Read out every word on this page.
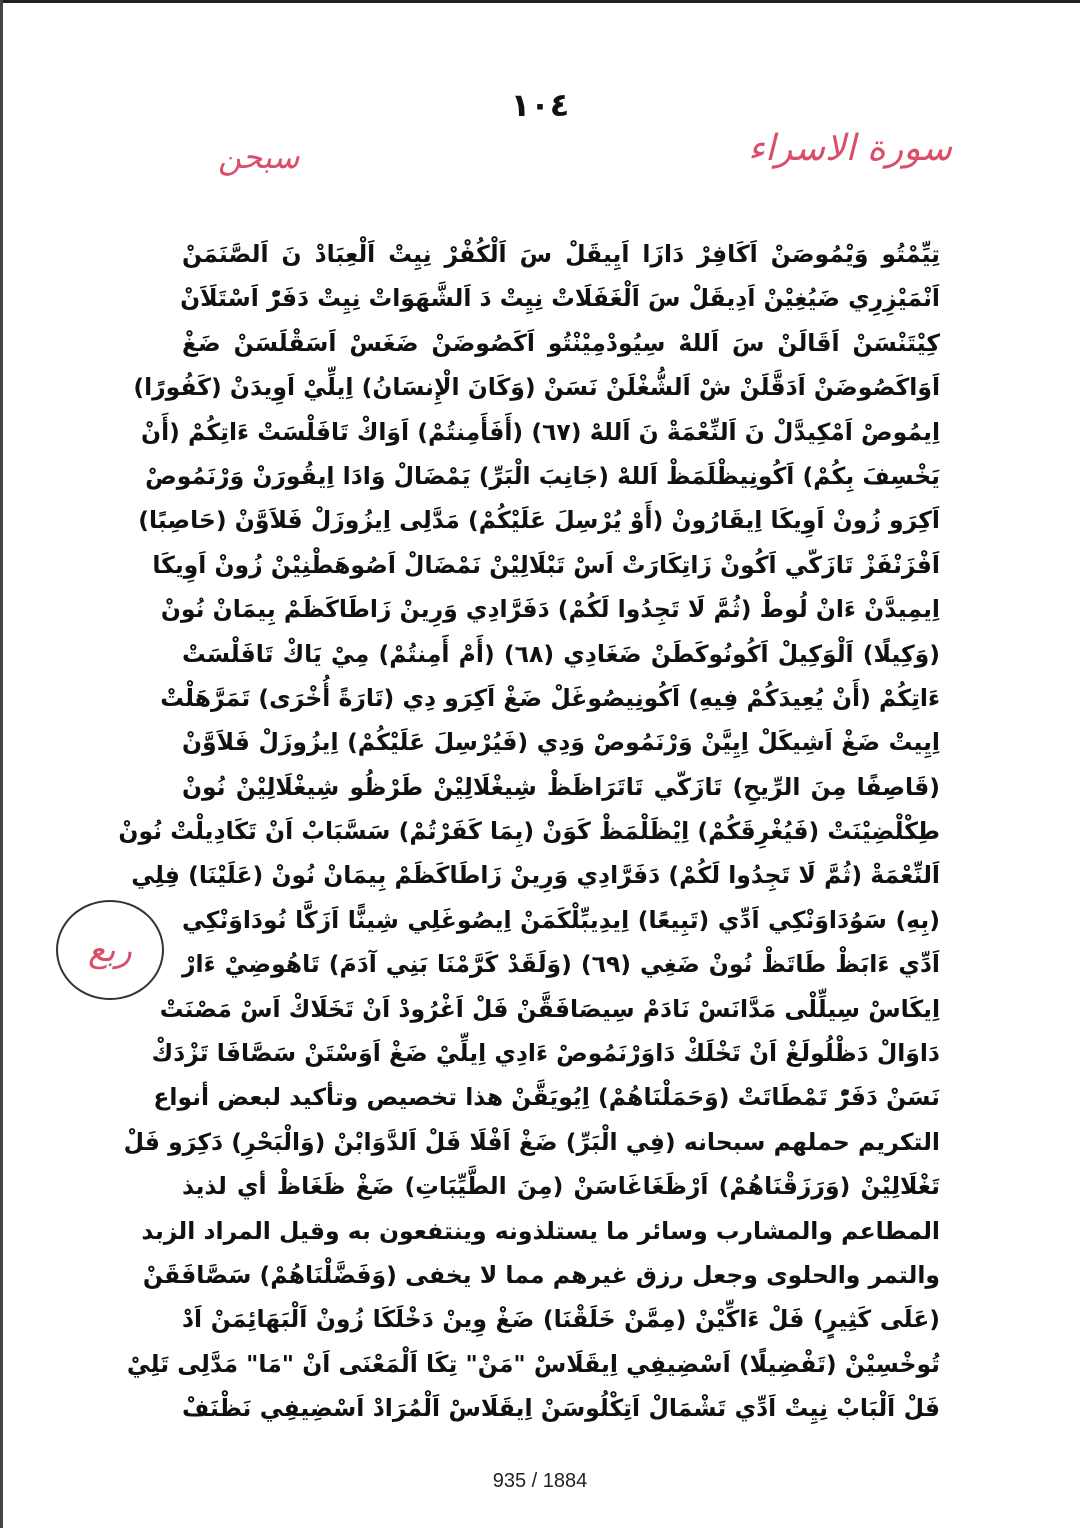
١٠٤
سورة الاسراء
سبحن
ربع
تِيِّمْتُو وَيْمُوصَنْ اَكَافِرْ دَازَا اَيِيقَلْ سَ اَلْكُفْرْ نِيِتْ اَلْعِبَادْ نَ اَلصَّنَمَنْ
اَنْمَيْزِرِي ضَيُغِيْنْ اَدِيقَلْ سَ اَلْغَفَلَاتْ نِيِتْ دَ اَلشَّهَوَاتْ نِيِتْ دَفَرّْ اَسْتَلَاَنْ
كِيْتَنْسَنْ اَقَالَنْ سَ اَللهْ سِيُودْمِيْنْتُو اَكَصُوضَنْ ضَغَسْ اَسَقْلَسَنْ ضَغْ
اَوَاكَصُوضَنْ اَدَقَّلَنْ شْ اَلشُّغْلَنْ نَسَنْ (وَكَانَ الْإِنسَانُ) اِيلِّيْ اَوِيدَنْ (كَفُورًا)
اِيمُوصْ اَمْكِيدَّلْ نَ اَلنِّعْمَةْ نَ اَللهْ (٦٧) (أَفَأَمِنتُمْ) اَوَاكْ تَافَلْسَتْ ءَاتِكُمْ (أَنْ
يَخْسِفَ بِكُمْ) اَكُونِيظْلَمَظْ اَللهْ (جَانِبَ الْبَرِّ) يَمْضَالْ وَادَا اِيقُورَنْ وَرْنَمُوصْ
اَكِرَو زُونْ اَوِيكَا اِيقَارُونْ (أَوْ يُرْسِلَ عَلَيْكُمْ) مَدَّلِى اِيزُوزَلْ فَلاَوَّنْ (حَاصِبًا)
اَفْزَنْفَزْ تَازَكّي اَكُونْ زَاتِكَارَتْ اَسْ تَبْلَالِيْنْ نَمْضَالْ اَصُوهَطْنِيْنْ زُونْ اَوِيكَا
اِيمِيدَّنْ ءَانْ لُوطْ (ثُمَّ لَا تَجِدُوا لَكُمْ) دَفَرَّادِي وَرِينْ زَاطَاكَظَمْ بِيمَانْ نُونْ
(وَكِيلًا) اَلْوَكِيلْ اَكُونُوكَطَنْ ضَغَادِي (٦٨) (أَمْ أَمِنتُمْ) مِيْ يَاكْ تَافَلْسَتْ
ءَاتِكُمْ (أَنْ يُعِيدَكُمْ فِيهِ) اَكُونِيصُوغَلْ ضَغْ اَكِرَو دِي (تَارَةً أُخْرَى) تَمَرَّهَلْتْ
اِيِيتْ ضَغْ اَشِيكَلْ اِيِيَّنْ وَرْنَمُوصْ وَدِي (فَيُرْسِلَ عَلَيْكُمْ) اِيزُوزَلْ فَلاَوَّنْ
(قَاصِفًا مِنَ الرِّيحِ) تَازَكّي تَاتَرَاظَظْ شِيغْلَالِيْنْ طَرْظُو شِيغْلَالِيْنْ نُونْ
طِكْلْضِيْنَتْ (فَيُغْرِقَكُمْ) اِيْظَلْمَظْ كَوَنْ (بِمَا كَفَرْتُمْ) سَسَّبَابْ اَنْ تَكَادِيلْتْ نُونْ
اَلنِّعْمَةْ (ثُمَّ لَا تَجِدُوا لَكُمْ) دَفَرَّادِي وَرِينْ زَاطَاكَظَمْ بِيمَانْ نُونْ (عَلَيْنَا) فِلِي
(بِهِ) سَوُدَاوَنْكِي اَدِّي (تَبِيعًا) اِيدِيبِّلْكَمَنْ اِيصُوغَلِي شِينًّا اَزَكَّا نُودَاوَنْكِي
اَدِّي ءَابَظْ طَاتَظْ نُونْ ضَغِي (٦٩) (وَلَقَدْ كَرَّمْنَا بَنِي آدَمَ) تَاهُوضِيْ ءَارْ
اِيكَاسْ سِيلِّلْى مَدَّانَسْ نَادَمْ سِيصَافَقَّنْ فَلْ اَغْرُودْ اَنْ تَخَلَاكْ اَسْ مَصْنَتْ
دَاوَالْ دَظْلُولَغْ اَنْ تَخْلَكْ دَاوَرْنَمُوصْ ءَادِي اِيلِّيْ ضَغْ اَوَسْتَنْ سَصَّافَا تَزْدَكْ
نَسَنْ دَفَرّْ تَمْطَاتَتْ (وَحَمَلْنَاهُمْ) اِيُويَقَّنْ هذا تخصيص وتأكيد لبعض أنواع
التكريم حملهم سبحانه (فِي الْبَرِّ) ضَغْ اَفْلَا فَلْ اَلدَّوَابْنْ (وَالْبَحْرِ) دَكِرَو فَلْ
تَغْلَالِيْنْ (وَرَزَقْنَاهُمْ) اَرْظَغَاغَاسَنْ (مِنَ الطَّيِّبَاتِ) ضَغْ ظَغَاظْ أي لذيذ
المطاعم والمشارب وسائر ما يستلذونه وينتفعون به وقيل المراد الزبد
والتمر والحلوى وجعل رزق غيرهم مما لا يخفى (وَفَضَّلْنَاهُمْ) سَصَّافَقَنْ
(عَلَى كَثِيرٍ) فَلْ ءَاكِّيْنْ (مِمَّنْ خَلَقْنَا) ضَغْ وِينْ دَخْلَكَا زُونْ اَلْبَهَائِمَنْ اَدْ
تُوخْسِيْنْ (تَفْضِيلًا) اَسْضِيفِي اِيقَلَاسْ "مَنْ" تِكَا اَلْمَعْنَى اَنْ "مَا" مَدَّلِى تَلِيْ
فَلْ اَلْبَابْ نِيِتْ اَدِّي تَشْمَالْ اَتِكْلُوسَنْ اِيقَلَاسْ اَلْمُرَادْ اَسْضِيفِي نَظْنَفْ
935 / 1884
